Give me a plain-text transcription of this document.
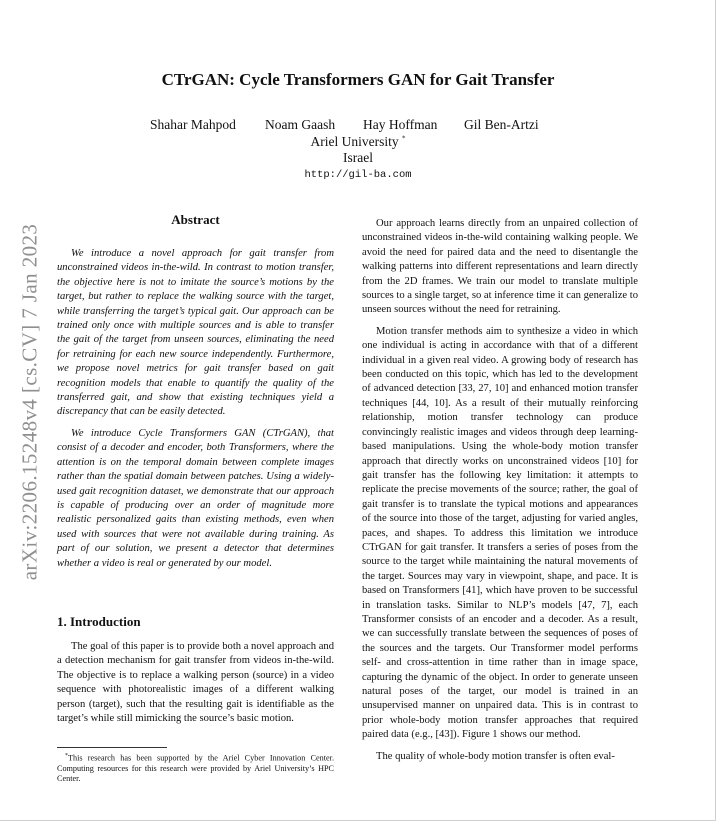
arXiv:2206.15248v4 [cs.CV] 7 Jan 2023
CTrGAN: Cycle Transformers GAN for Gait Transfer
Shahar Mahpod Noam Gaash Hay Hoffman Gil Ben-Artzi
Ariel University *
Israel
http://gil-ba.com
Abstract

We introduce a novel approach for gait transfer from unconstrained videos in-the-wild. In contrast to motion transfer, the objective here is not to imitate the source’s motions by the target, but rather to replace the walking source with the target, while transferring the target’s typical gait. Our approach can be trained only once with multiple sources and is able to transfer the gait of the target from unseen sources, eliminating the need for retraining for each new source independently. Furthermore, we propose novel metrics for gait transfer based on gait recognition models that enable to quantify the quality of the transferred gait, and show that existing techniques yield a discrepancy that can be easily detected.

We introduce Cycle Transformers GAN (CTrGAN), that consist of a decoder and encoder, both Transformers, where the attention is on the temporal domain between complete images rather than the spatial domain between patches. Using a widely-used gait recognition dataset, we demonstrate that our approach is capable of producing over an order of magnitude more realistic personalized gaits than existing methods, even when used with sources that were not available during training. As part of our solution, we present a detector that determines whether a video is real or generated by our model.

1. Introduction

The goal of this paper is to provide both a novel approach and a detection mechanism for gait transfer from videos in-the-wild. The objective is to replace a walking person (source) in a video sequence with photorealistic images of a different walking person (target), such that the resulting gait is identifiable as the target’s while still mimicking the source’s basic motion.

*This research has been supported by the Ariel Cyber Innovation Center. Computing resources for this research were provided by Ariel University’s HPC Center.

Our approach learns directly from an unpaired collection of unconstrained videos in-the-wild containing walking people. We avoid the need for paired data and the need to disentangle the walking patterns into different representations and learn directly from the 2D frames. We train our model to translate multiple sources to a single target, so at inference time it can generalize to unseen sources without the need for retraining.

Motion transfer methods aim to synthesize a video in which one individual is acting in accordance with that of a different individual in a given real video. A growing body of research has been conducted on this topic, which has led to the development of advanced detection [33, 27, 10] and enhanced motion transfer techniques [44, 10]. As a result of their mutually reinforcing relationship, motion transfer technology can produce convincingly realistic images and videos through deep learning-based manipulations. Using the whole-body motion transfer approach that directly works on unconstrained videos [10] for gait transfer has the following key limitation: it attempts to replicate the precise movements of the source; rather, the goal of gait transfer is to translate the typical motions and appearances of the source into those of the target, adjusting for varied angles, paces, and shapes. To address this limitation we introduce CTrGAN for gait transfer. It transfers a series of poses from the source to the target while maintaining the natural movements of the target. Sources may vary in viewpoint, shape, and pace. It is based on Transformers [41], which have proven to be successful in translation tasks. Similar to NLP’s models [47, 7], each Transformer consists of an encoder and a decoder. As a result, we can successfully translate between the sequences of poses of the sources and the targets. Our Transformer model performs self- and cross-attention in time rather than in image space, capturing the dynamic of the object. In order to generate unseen natural poses of the target, our model is trained in an unsupervised manner on unpaired data. This is in contrast to prior whole-body motion transfer approaches that required paired data (e.g., [43]). Figure 1 shows our method.

The quality of whole-body motion transfer is often eval-
